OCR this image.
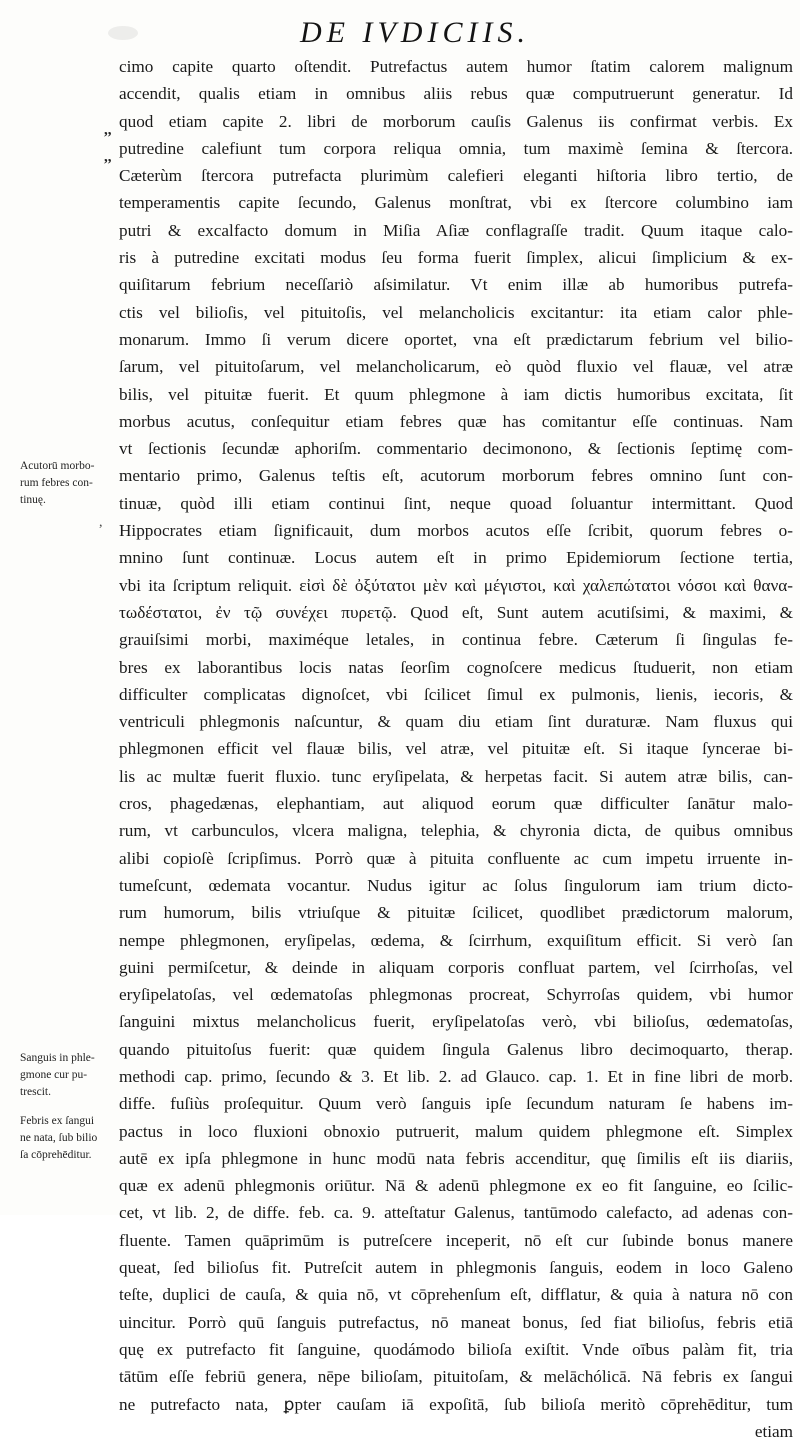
DE IVDICIIS.
,,
,,
Acutorū morbo-
rum febres con-
tinuę.
,
Sanguis in phle-
gmone cur pu-
trescit.
Febris ex ſangui
ne nata, ſub bilio
ſa cōprehēditur.
cimo capite quarto oſtendit. Putrefactus autem humor ſtatim calorem malignum
accendit, qualis etiam in omnibus aliis rebus quæ computruerunt generatur. Id
quod etiam capite 2. libri de morborum cauſis Galenus iis confirmat verbis. Ex
putredine calefiunt tum corpora reliqua omnia, tum maximè ſemina & ſtercora.
Cæterùm ſtercora putrefacta plurimùm calefieri eleganti hiſtoria libro tertio, de
temperamentis capite ſecundo, Galenus monſtrat, vbi ex ſtercore columbino iam
putri & excalfacto domum in Miſia Aſiæ conflagraſſe tradit. Quum itaque calo-
ris à putredine excitati modus ſeu forma fuerit ſimplex, alicui ſimplicium & ex-
quiſitarum febrium neceſſariò aſsimilatur. Vt enim illæ ab humoribus putrefa-
ctis vel bilioſis, vel pituitoſis, vel melancholicis excitantur: ita etiam calor phle-
monarum. Immo ſi verum dicere oportet, vna eſt prædictarum febrium vel bilio-
ſarum, vel pituitoſarum, vel melancholicarum, eò quòd fluxio vel flauæ, vel atræ
bilis, vel pituitæ fuerit. Et quum phlegmone à iam dictis humoribus excitata, ſit
morbus acutus, conſequitur etiam febres quæ has comitantur eſſe continuas. Nam
vt ſectionis ſecundæ aphoriſm. commentario decimonono, & ſectionis ſeptimę com-
mentario primo, Galenus teſtis eſt, acutorum morborum febres omnino ſunt con-
tinuæ, quòd illi etiam continui ſint, neque quoad ſoluantur intermittant. Quod
Hippocrates etiam ſignificauit, dum morbos acutos eſſe ſcribit, quorum febres o-
mnino ſunt continuæ. Locus autem eſt in primo Epidemiorum ſectione tertia,
vbi ita ſcriptum reliquit. εἰσὶ δὲ ὀξύτατοι μὲν καὶ μέγιστοι, καὶ χαλεπώτατοι νόσοι καὶ θανα-
τωδέστατοι, ἐν τῷ συνέχει πυρετῷ. Quod eſt, Sunt autem acutiſsimi, & maximi, &
grauiſsimi morbi, maximéque letales, in continua febre. Cæterum ſi ſingulas fe-
bres ex laborantibus locis natas ſeorſim cognoſcere medicus ſtuduerit, non etiam
difficulter complicatas dignoſcet, vbi ſcilicet ſimul ex pulmonis, lienis, iecoris, &
ventriculi phlegmonis naſcuntur, & quam diu etiam ſint duraturæ. Nam fluxus qui
phlegmonen efficit vel flauæ bilis, vel atræ, vel pituitæ eſt. Si itaque ſyncerae bi-
lis ac multæ fuerit fluxio. tunc eryſipelata, & herpetas facit. Si autem atræ bilis, can-
cros, phagedænas, elephantiam, aut aliquod eorum quæ difficulter ſanātur malo-
rum, vt carbunculos, vlcera maligna, telephia, & chyronia dicta, de quibus omnibus
alibi copioſè ſcripſimus. Porrò quæ à pituita confluente ac cum impetu irruente in-
tumeſcunt, œdemata vocantur. Nudus igitur ac ſolus ſingulorum iam trium dicto-
rum humorum, bilis vtriuſque & pituitæ ſcilicet, quodlibet prædictorum malorum,
nempe phlegmonen, eryſipelas, œdema, & ſcirrhum, exquiſitum efficit. Si verò ſan
guini permiſcetur, & deinde in aliquam corporis confluat partem, vel ſcirrhoſas, vel
eryſipelatoſas, vel œdematoſas phlegmonas procreat, Schyrroſas quidem, vbi humor
ſanguini mixtus melancholicus fuerit, eryſipelatoſas verò, vbi bilioſus, œdematoſas,
quando pituitoſus fuerit: quæ quidem ſingula Galenus libro decimoquarto, therap.
methodi cap. primo, ſecundo & 3. Et lib. 2. ad Glauco. cap. 1. Et in fine libri de morb.
diffe. fuſiùs proſequitur. Quum verò ſanguis ipſe ſecundum naturam ſe habens im-
pactus in loco fluxioni obnoxio putruerit, malum quidem phlegmone eſt. Simplex
autē ex ipſa phlegmone in hunc modū nata febris accenditur, quę ſimilis eſt iis diariis,
quæ ex adenū phlegmonis oriūtur. Nā & adenū phlegmone ex eo fit ſanguine, eo ſcilic-
cet, vt lib. 2, de diffe. feb. ca. 9. atteſtatur Galenus, tantūmodo calefacto, ad adenas con-
fluente. Tamen quāprimūm is putreſcere inceperit, nō eſt cur ſubinde bonus manere
queat, ſed bilioſus fit. Putreſcit autem in phlegmonis ſanguis, eodem in loco Galeno
teſte, duplici de cauſa, & quia nō, vt cōprehenſum eſt, difflatur, & quia à natura nō con
uincitur. Porrò quū ſanguis putrefactus, nō maneat bonus, ſed fiat bilioſus, febris etiā
quę ex putrefacto fit ſanguine, quodámodo bilioſa exiſtit. Vnde oībus palàm fit, tria
tātūm eſſe febriū genera, nēpe bilioſam, pituitoſam, & melāchólicā. Nā febris ex ſangui
ne putrefacto nata, ꝑpter cauſam iā expoſitā, ſub bilioſa meritò cōprehēditur, tum
etiam
